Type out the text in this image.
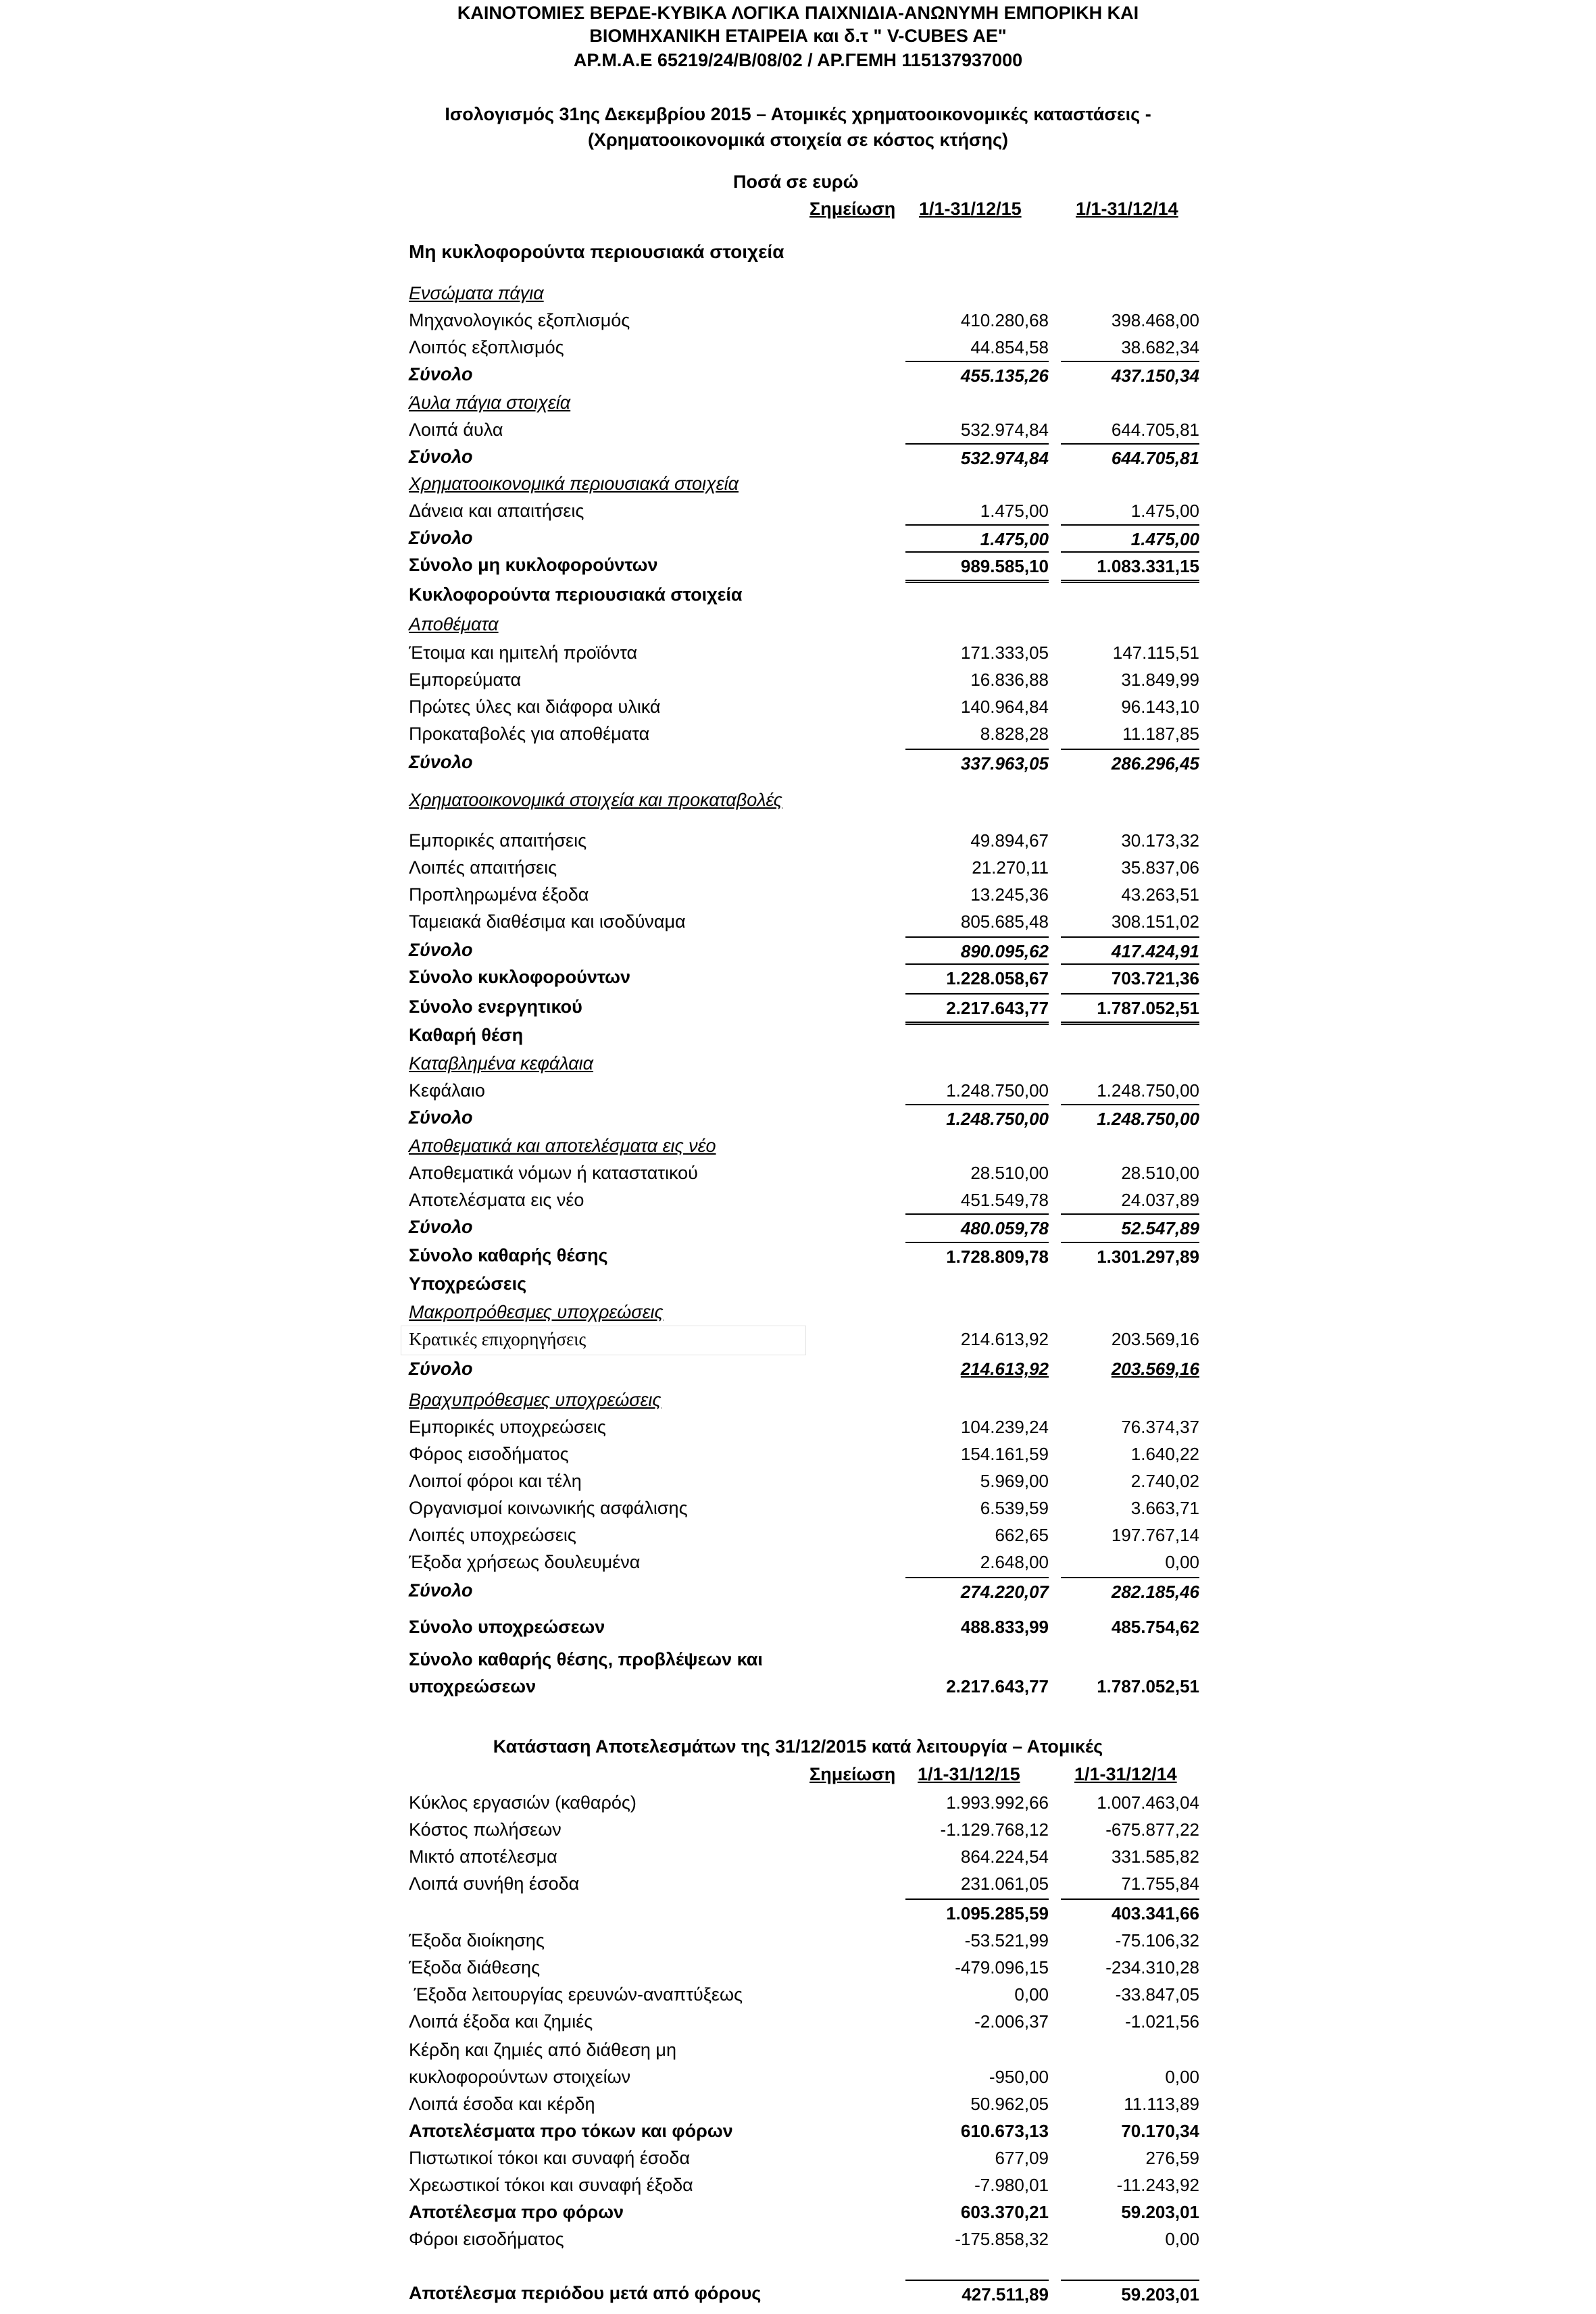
ΚΑΙΝΟΤΟΜΙΕΣ ΒΕΡΔΕ-ΚΥΒΙΚΑ ΛΟΓΙΚΑ ΠΑΙΧΝΙΔΙΑ-ΑΝΩΝΥΜΗ ΕΜΠΟΡΙΚΗ ΚΑΙ
ΒΙΟΜΗΧΑΝΙΚΗ ΕΤΑΙΡΕΙΑ και δ.τ " V-CUBES AE"
ΑΡ.Μ.Α.Ε 65219/24/Β/08/02 / ΑΡ.ΓΕΜΗ 115137937000
Ισολογισμός 31ης Δεκεμβρίου 2015 – Ατομικές χρηματοοικονομικές καταστάσεις -
(Χρηματοοικονομικά στοιχεία σε κόστος κτήσης)
Ποσά σε ευρώ
Σημείωση 1/1-31/12/15	1/1-31/12/14
Μη κυκλοφορούντα περιουσιακά στοιχεία
Ενσώματα πάγια
Μηχανολογικός εξοπλισμός	410.280,68	398.468,00
Λοιπός εξοπλισμός	44.854,58	38.682,34
Σύνολο	455.135,26	437.150,34
Άυλα πάγια στοιχεία
Λοιπά άυλα	532.974,84	644.705,81
Σύνολο	532.974,84	644.705,81
Χρηματοοικονομικά περιουσιακά στοιχεία
Δάνεια και απαιτήσεις	1.475,00	1.475,00
Σύνολο	1.475,00	1.475,00
Σύνολο μη κυκλοφορούντων	989.585,10	1.083.331,15
Κυκλοφορούντα περιουσιακά στοιχεία
Αποθέματα
Έτοιμα και ημιτελή προϊόντα	171.333,05	147.115,51
Εμπορεύματα	16.836,88	31.849,99
Πρώτες ύλες και διάφορα υλικά	140.964,84	96.143,10
Προκαταβολές για αποθέματα	8.828,28	11.187,85
Σύνολο	337.963,05	286.296,45
Χρηματοοικονομικά στοιχεία και προκαταβολές
Εμπορικές απαιτήσεις	49.894,67	30.173,32
Λοιπές απαιτήσεις	21.270,11	35.837,06
Προπληρωμένα έξοδα	13.245,36	43.263,51
Ταμειακά διαθέσιμα και ισοδύναμα	805.685,48	308.151,02
Σύνολο	890.095,62	417.424,91
Σύνολο κυκλοφορούντων	1.228.058,67	703.721,36
Σύνολο ενεργητικού	2.217.643,77	1.787.052,51
Καθαρή θέση
Καταβλημένα κεφάλαια
Κεφάλαιο	1.248.750,00	1.248.750,00
Σύνολο	1.248.750,00	1.248.750,00
Αποθεματικά και αποτελέσματα εις νέο
Αποθεματικά νόμων ή καταστατικού	28.510,00	28.510,00
Αποτελέσματα εις νέο	451.549,78	24.037,89
Σύνολο	480.059,78	52.547,89
Σύνολο καθαρής θέσης	1.728.809,78	1.301.297,89
Υποχρεώσεις
Μακροπρόθεσμες υποχρεώσεις
Κρατικές επιχορηγήσεις	214.613,92	203.569,16
Σύνολο	214.613,92	203.569,16
Βραχυπρόθεσμες υποχρεώσεις
Εμπορικές υποχρεώσεις	104.239,24	76.374,37
Φόρος εισοδήματος	154.161,59	1.640,22
Λοιποί φόροι και τέλη	5.969,00	2.740,02
Οργανισμοί κοινωνικής ασφάλισης	6.539,59	3.663,71
Λοιπές υποχρεώσεις	662,65	197.767,14
Έξοδα χρήσεως δουλευμένα	2.648,00	0,00
Σύνολο	274.220,07	282.185,46
Σύνολο υποχρεώσεων	488.833,99	485.754,62
Σύνολο καθαρής θέσης, προβλέψεων και
υποχρεώσεων	2.217.643,77	1.787.052,51
Κατάσταση Αποτελεσμάτων της 31/12/2015 κατά λειτουργία – Ατομικές
Σημείωση 1/1-31/12/15	1/1-31/12/14
Κύκλος εργασιών (καθαρός)	1.993.992,66	1.007.463,04
Κόστος πωλήσεων	-1.129.768,12	-675.877,22
Μικτό αποτέλεσμα	864.224,54	331.585,82
Λοιπά συνήθη έσοδα	231.061,05	71.755,84
1.095.285,59	403.341,66
Έξοδα διοίκησης	-53.521,99	-75.106,32
Έξοδα διάθεσης	-479.096,15	-234.310,28
Έξοδα λειτουργίας ερευνών-αναπτύξεως	0,00	-33.847,05
Λοιπά έξοδα και ζημιές	-2.006,37	-1.021,56
Κέρδη και ζημιές από διάθεση μη
κυκλοφορούντων στοιχείων	-950,00	0,00
Λοιπά έσοδα και κέρδη	50.962,05	11.113,89
Αποτελέσματα προ τόκων και φόρων	610.673,13	70.170,34
Πιστωτικοί τόκοι και συναφή έσοδα	677,09	276,59
Χρεωστικοί τόκοι και συναφή έξοδα	-7.980,01	-11.243,92
Αποτέλεσμα προ φόρων	603.370,21	59.203,01
Φόροι εισοδήματος	-175.858,32	0,00
Αποτέλεσμα περιόδου μετά από φόρους	427.511,89	59.203,01
